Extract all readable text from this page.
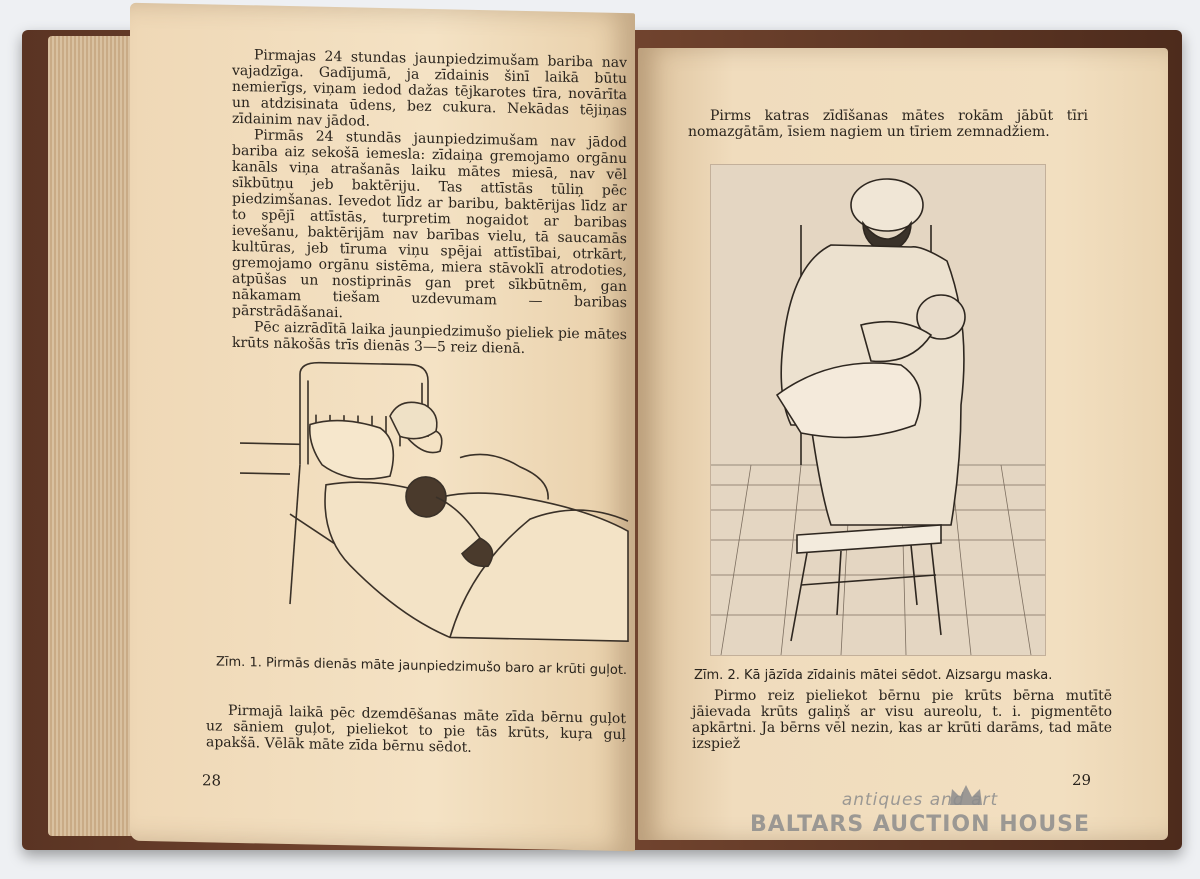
Pirmajas 24 stundas jaunpiedzimušam bariba nav vajadzīga. Gadījumā, ja zīdainis šinī laikā būtu nemierīgs, viņam iedod dažas tējkarotes tīra, novārīta un atdzisinata ūdens, bez cukura. Nekādas tējiņas zīdainim nav jādod.

Pirmās 24 stundās jaunpiedzimušam nav jādod bariba aiz sekošā iemesla: zīdaiņa gremojamo orgānu kanāls viņa atrašanās laiku mātes miesā, nav vēl sīkbūtņu jeb baktēriju. Tas attīstās tūliņ pēc piedzimšanas. Ievedot līdz ar baribu, baktērijas līdz ar to spējī attīstās, turpretim nogaidot ar baribas ievešanu, baktērijām nav barības vielu, tā saucamās kultūras, jeb tīruma viņu spējai attīstībai, otrkārt, gremojamo orgānu sistēma, miera stāvoklī atrodoties, atpūšas un nostiprinās gan pret sīkbūtnēm, gan nākamam tiešam uzdevumam — baribas pārstrādāšanai.

Pēc aizrādītā laika jaunpiedzimušo pieliek pie mātes krūts nākošās trīs dienās 3—5 reiz dienā.

Zīm. 1. Pirmās dienās māte jaunpiedzimušo baro ar krūti guļot.

Pirmajā laikā pēc dzemdēšanas māte zīda bērnu guļot uz sāniem guļot, pieliekot to pie tās krūts, kuŗa guļ apakšā. Vēlāk māte zīda bērnu sēdot.

28

Pirms katras zīdīšanas mātes rokām jābūt tīri nomazgātām, īsiem nagiem un tīriem zemnadžiem.

Zīm. 2. Kā jāzīda zīdainis mātei sēdot. Aizsargu maska.

Pirmo reiz pieliekot bērnu pie krūts bērna mutītē jāievada krūts galiņš ar visu aureolu, t. i. pigmentēto apkārtni. Ja bērns vēl nezin, kas ar krūti darāms, tad māte izspiež

29
antiques and art
BALTARS AUCTION HOUSE
